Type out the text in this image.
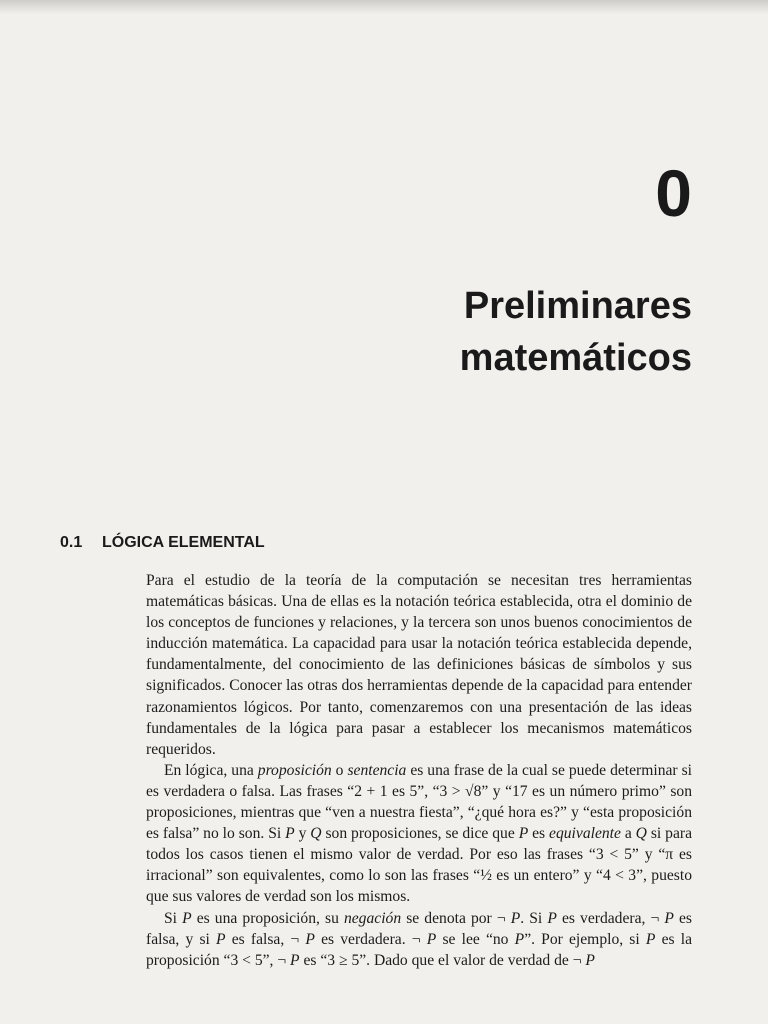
0
Preliminares
matemáticos
0.1 LÓGICA ELEMENTAL

Para el estudio de la teoría de la computación se necesitan tres herramientas matemáticas básicas. Una de ellas es la notación teórica establecida, otra el dominio de los conceptos de funciones y relaciones, y la tercera son unos buenos conocimientos de inducción matemática. La capacidad para usar la notación teórica establecida depende, fundamentalmente, del conocimiento de las definiciones básicas de símbolos y sus significados. Conocer las otras dos herramientas depende de la capacidad para entender razonamientos lógicos. Por tanto, comenzaremos con una presentación de las ideas fundamentales de la lógica para pasar a establecer los mecanismos matemáticos requeridos.

En lógica, una proposición o sentencia es una frase de la cual se puede determinar si es verdadera o falsa. Las frases “2 + 1 es 5”, “3 > √8” y “17 es un número primo” son proposiciones, mientras que “ven a nuestra fiesta”, “¿qué hora es?” y “esta proposición es falsa” no lo son. Si P y Q son proposiciones, se dice que P es equivalente a Q si para todos los casos tienen el mismo valor de verdad. Por eso las frases “3 < 5” y “π es irracional” son equivalentes, como lo son las frases “½ es un entero” y “4 < 3”, puesto que sus valores de verdad son los mismos.

Si P es una proposición, su negación se denota por ¬ P. Si P es verdadera, ¬ P es falsa, y si P es falsa, ¬ P es verdadera. ¬ P se lee “no P”. Por ejemplo, si P es la proposición “3 < 5”, ¬ P es “3 ≥ 5”. Dado que el valor de verdad de ¬ P
